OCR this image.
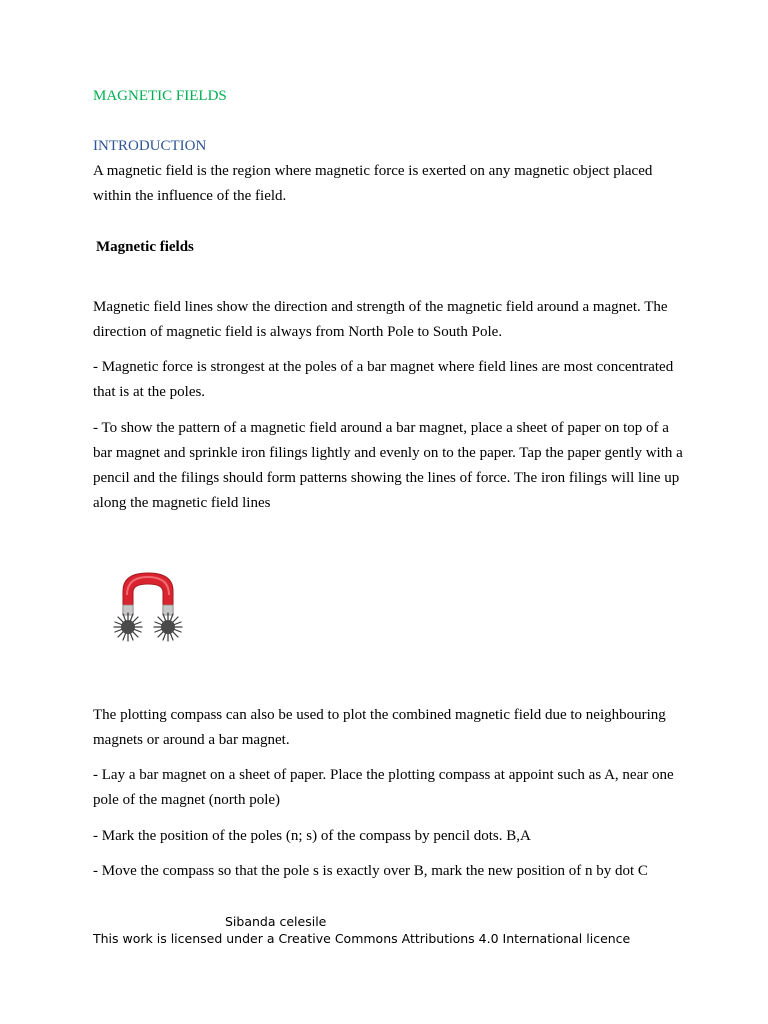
MAGNETIC FIELDS

INTRODUCTION

A magnetic field is the region where magnetic force is exerted on any magnetic object placed within the influence of the field.

Magnetic fields

Magnetic field lines show the direction and strength of the magnetic field around a magnet. The direction of magnetic field is always from North Pole to South Pole.

- Magnetic force is strongest at the poles of a bar magnet where field lines are most concentrated that is at the poles.

- To show the pattern of a magnetic field around a bar magnet, place a sheet of paper on top of a bar magnet and sprinkle iron filings lightly and evenly on to the paper. Tap the paper gently with a pencil and the filings should form patterns showing the lines of force. The iron filings will line up along the magnetic field lines

The plotting compass can also be used to plot the combined magnetic field due to neighbouring magnets or around a bar magnet.

- Lay a bar magnet on a sheet of paper. Place the plotting compass at appoint such as A, near one pole of the magnet (north pole)

- Mark the position of the poles (n; s) of the compass by pencil dots. B,A

- Move the compass so that the pole s is exactly over B, mark the new position of n by dot C

Sibanda celesile

This work is licensed under a Creative Commons Attributions 4.0 International licence
